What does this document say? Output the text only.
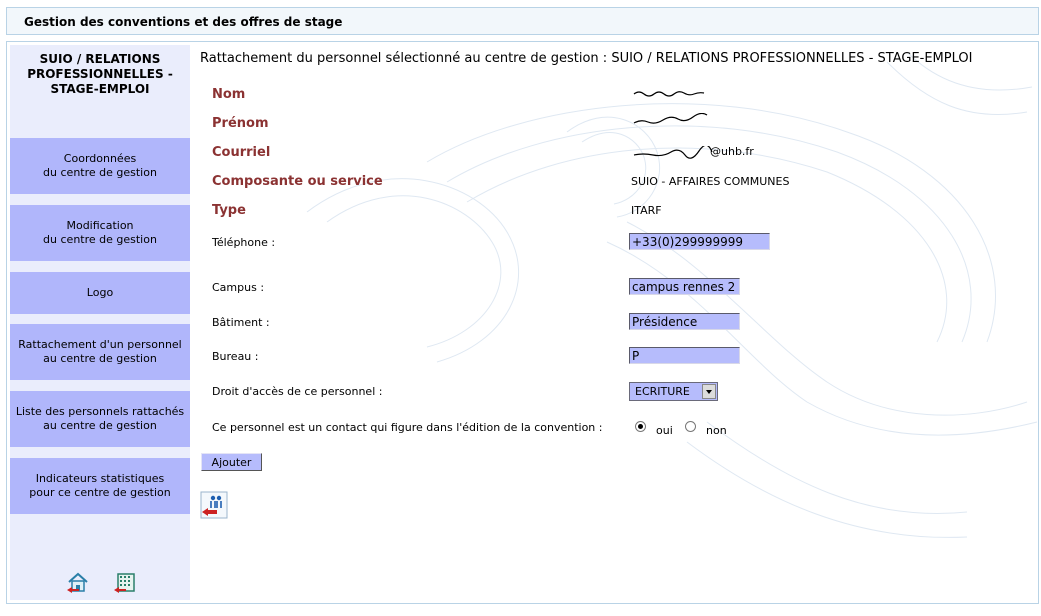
Gestion des conventions et des offres de stage
SUIO / RELATIONS
PROFESSIONNELLES -
STAGE-EMPLOI
Coordonnées
du centre de gestion
Modification
du centre de gestion
Logo
Rattachement d'un personnel
au centre de gestion
Liste des personnels rattachés
au centre de gestion
Indicateurs statistiques
pour ce centre de gestion
Rattachement du personnel sélectionné au centre de gestion : SUIO / RELATIONS PROFESSIONNELLES - STAGE-EMPLOI
Nom
Prénom
Courriel	@uhb.fr
Composante ou service	SUIO - AFFAIRES COMMUNES
Type	ITARF
Téléphone :
+33(0)299999999
Campus :
campus rennes 2
Bâtiment :
Présidence
Bureau :
P
Droit d'accès de ce personnel :	ECRITURE
Ce personnel est un contact qui figure dans l'édition de la convention :	oui	non
Ajouter
